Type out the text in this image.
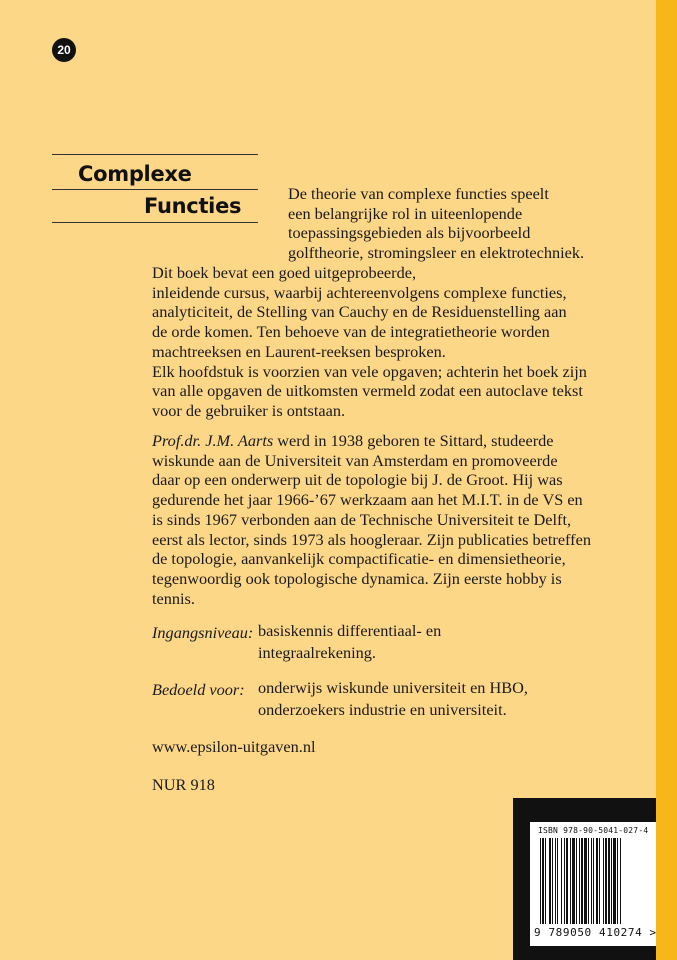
20
Complexe
Functies
De theorie van complexe functies speelt
een belangrijke rol in uiteenlopende
toepassingsgebieden als bijvoorbeeld
golftheorie, stromingsleer en elektrotechniek.
Dit boek bevat een goed uitgeprobeerde,
inleidende cursus, waarbij achtereenvolgens complexe functies,
analyticiteit, de Stelling van Cauchy en de Residuenstelling aan
de orde komen. Ten behoeve van de integratietheorie worden
machtreeksen en Laurent-reeksen besproken.
Elk hoofdstuk is voorzien van vele opgaven; achterin het boek zijn
van alle opgaven de uitkomsten vermeld zodat een autoclave tekst
voor de gebruiker is ontstaan.
Prof.dr. J.M. Aarts werd in 1938 geboren te Sittard, studeerde
wiskunde aan de Universiteit van Amsterdam en promoveerde
daar op een onderwerp uit de topologie bij J. de Groot. Hij was
gedurende het jaar 1966-’67 werkzaam aan het M.I.T. in de VS en
is sinds 1967 verbonden aan de Technische Universiteit te Delft,
eerst als lector, sinds 1973 als hoogleraar. Zijn publicaties betreffen
de topologie, aanvankelijk compactificatie- en dimensietheorie,
tegenwoordig ook topologische dynamica. Zijn eerste hobby is
tennis.
Ingangsniveau: basiskennis differentiaal- en
integraalrekening.
Bedoeld voor: onderwijs wiskunde universiteit en HBO,
onderzoekers industrie en universiteit.
www.epsilon-uitgaven.nl
NUR 918
ISBN 978-90-5041-027-4
9 789050 410274 >
